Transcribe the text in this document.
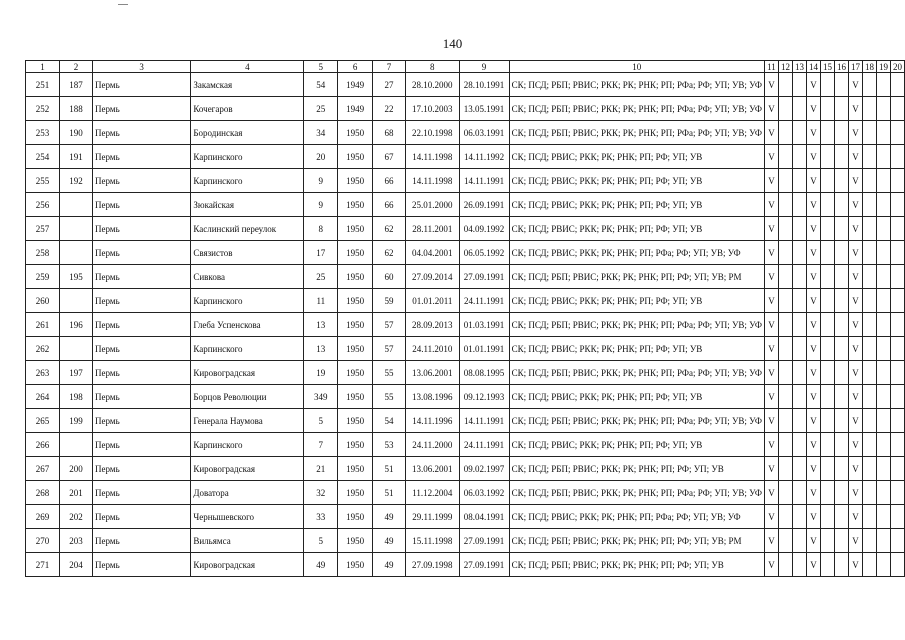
140
1	2	3	4	5	6	7	8	9	10	11	12	13	14	15	16	17	18	19	20
251	187	Пермь	Закамская	54	1949	27	28.10.2000	28.10.1991	СК; ПСД; РБП; РВИС; РКК; РК; РНК; РП; РФа; РФ; УП; УВ; УФ	V			V			V			
252	188	Пермь	Кочегаров	25	1949	22	17.10.2003	13.05.1991	СК; ПСД; РБП; РВИС; РКК; РК; РНК; РП; РФа; РФ; УП; УВ; УФ	V			V			V			
253	190	Пермь	Бородинская	34	1950	68	22.10.1998	06.03.1991	СК; ПСД; РБП; РВИС; РКК; РК; РНК; РП; РФа; РФ; УП; УВ; УФ	V			V			V			
254	191	Пермь	Карпинского	20	1950	67	14.11.1998	14.11.1992	СК; ПСД; РВИС; РКК; РК; РНК; РП; РФ; УП; УВ	V			V			V			
255	192	Пермь	Карпинского	9	1950	66	14.11.1998	14.11.1991	СК; ПСД; РВИС; РКК; РК; РНК; РП; РФ; УП; УВ	V			V			V			
256		Пермь	Зюкайская	9	1950	66	25.01.2000	26.09.1991	СК; ПСД; РВИС; РКК; РК; РНК; РП; РФ; УП; УВ	V			V			V			
257		Пермь	Каслинский переулок	8	1950	62	28.11.2001	04.09.1992	СК; ПСД; РВИС; РКК; РК; РНК; РП; РФ; УП; УВ	V			V			V			
258		Пермь	Связистов	17	1950	62	04.04.2001	06.05.1992	СК; ПСД; РВИС; РКК; РК; РНК; РП; РФа; РФ; УП; УВ; УФ	V			V			V			
259	195	Пермь	Сивкова	25	1950	60	27.09.2014	27.09.1991	СК; ПСД; РБП; РВИС; РКК; РК; РНК; РП; РФ; УП; УВ; РМ	V			V			V			
260		Пермь	Карпинского	11	1950	59	01.01.2011	24.11.1991	СК; ПСД; РВИС; РКК; РК; РНК; РП; РФ; УП; УВ	V			V			V			
261	196	Пермь	Глеба Успенскова	13	1950	57	28.09.2013	01.03.1991	СК; ПСД; РБП; РВИС; РКК; РК; РНК; РП; РФа; РФ; УП; УВ; УФ	V			V			V			
262		Пермь	Карпинского	13	1950	57	24.11.2010	01.01.1991	СК; ПСД; РВИС; РКК; РК; РНК; РП; РФ; УП; УВ	V			V			V			
263	197	Пермь	Кировоградская	19	1950	55	13.06.2001	08.08.1995	СК; ПСД; РБП; РВИС; РКК; РК; РНК; РП; РФа; РФ; УП; УВ; УФ	V			V			V			
264	198	Пермь	Борцов Революции	349	1950	55	13.08.1996	09.12.1993	СК; ПСД; РВИС; РКК; РК; РНК; РП; РФ; УП; УВ	V			V			V			
265	199	Пермь	Генерала Наумова	5	1950	54	14.11.1996	14.11.1991	СК; ПСД; РБП; РВИС; РКК; РК; РНК; РП; РФа; РФ; УП; УВ; УФ	V			V			V			
266		Пермь	Карпинского	7	1950	53	24.11.2000	24.11.1991	СК; ПСД; РВИС; РКК; РК; РНК; РП; РФ; УП; УВ	V			V			V			
267	200	Пермь	Кировоградская	21	1950	51	13.06.2001	09.02.1997	СК; ПСД; РБП; РВИС; РКК; РК; РНК; РП; РФ; УП; УВ	V			V			V			
268	201	Пермь	Доватора	32	1950	51	11.12.2004	06.03.1992	СК; ПСД; РБП; РВИС; РКК; РК; РНК; РП; РФа; РФ; УП; УВ; УФ	V			V			V			
269	202	Пермь	Чернышевского	33	1950	49	29.11.1999	08.04.1991	СК; ПСД; РВИС; РКК; РК; РНК; РП; РФа; РФ; УП; УВ; УФ	V			V			V			
270	203	Пермь	Вильямса	5	1950	49	15.11.1998	27.09.1991	СК; ПСД; РБП; РВИС; РКК; РК; РНК; РП; РФ; УП; УВ; РМ	V			V			V			
271	204	Пермь	Кировоградская	49	1950	49	27.09.1998	27.09.1991	СК; ПСД; РБП; РВИС; РКК; РК; РНК; РП; РФ; УП; УВ	V			V			V			
